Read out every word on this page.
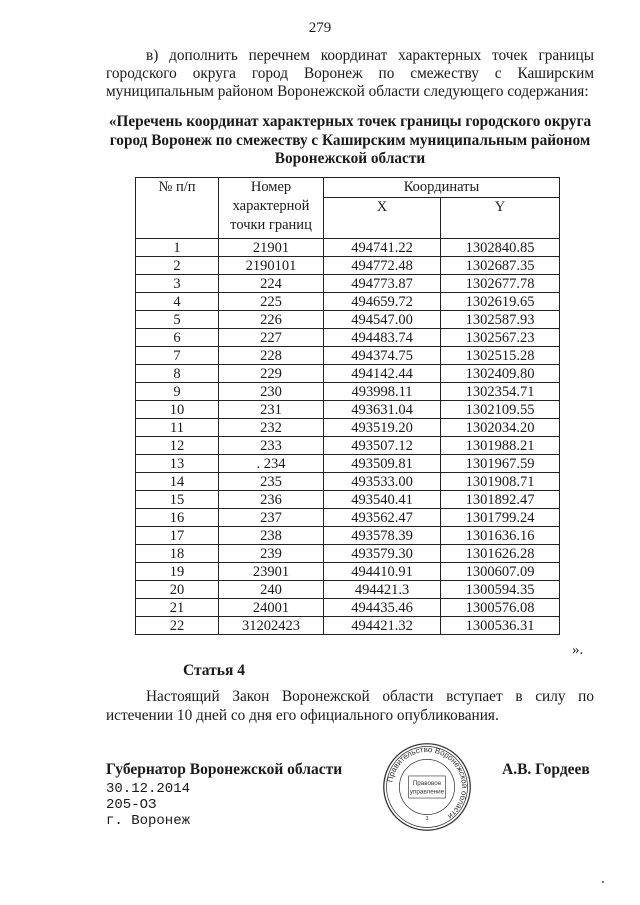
279
в) дополнить перечнем координат характерных точек границы городского округа город Воронеж по смежеству с Каширским муниципальным районом Воронежской области следующего содержания:
«Перечень координат характерных точек границы городского округа город Воронеж по смежеству с Каширским муниципальным районом Воронежской области
№ п/п	Номер характерной точки границ	Координаты	
		X	Y
1	21901	494741.22	1302840.85
2	2190101	494772.48	1302687.35
3	224	494773.87	1302677.78
4	225	494659.72	1302619.65
5	226	494547.00	1302587.93
6	227	494483.74	1302567.23
7	228	494374.75	1302515.28
8	229	494142.44	1302409.80
9	230	493998.11	1302354.71
10	231	493631.04	1302109.55
11	232	493519.20	1302034.20
12	233	493507.12	1301988.21
13	. 234	493509.81	1301967.59
14	235	493533.00	1301908.71
15	236	493540.41	1301892.47
16	237	493562.47	1301799.24
17	238	493578.39	1301636.16
18	239	493579.30	1301626.28
19	23901	494410.91	1300607.09
20	240	494421.3	1300594.35
21	24001	494435.46	1300576.08
22	31202423	494421.32	1300536.31
».
Статья 4
Настоящий Закон Воронежской области вступает в силу по истечении 10 дней со дня его официального опубликования.
Губернатор Воронежской области	А.В. Гордеев
30.12.2014
205-ОЗ
г. Воронеж
Правительство Воронежской области
Правовое
управление
3
